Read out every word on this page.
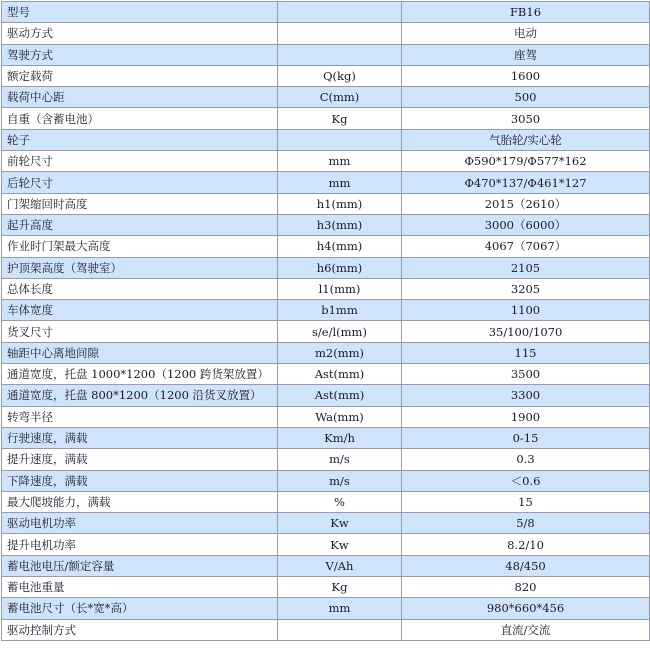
型号		FB16
驱动方式		电动
驾驶方式		座驾
额定载荷	Q(kg)	1600
载荷中心距	C(mm)	500
自重（含蓄电池）	Kg	3050
轮子		气胎轮/实心轮
前轮尺寸	mm	Φ590*179/Φ577*162
后轮尺寸	mm	Φ470*137/Φ461*127
门架缩回时高度	h1(mm)	2015（2610）
起升高度	h3(mm)	3000（6000）
作业时门架最大高度	h4(mm)	4067（7067）
护顶架高度（驾驶室）	h6(mm)	2105
总体长度	l1(mm)	3205
车体宽度	b1mm	1100
货叉尺寸	s/e/l(mm)	35/100/1070
轴距中心离地间隙	m2(mm)	115
通道宽度，托盘 1000*1200（1200 跨货架放置）	Ast(mm)	3500
通道宽度，托盘 800*1200（1200 沿货叉放置）	Ast(mm)	3300
转弯半径	Wa(mm)	1900
行驶速度，满载	Km/h	0-15
提升速度，满载	m/s	0.3
下降速度，满载	m/s	＜0.6
最大爬坡能力，满载	%	15
驱动电机功率	Kw	5/8
提升电机功率	Kw	8.2/10
蓄电池电压/额定容量	V/Ah	48/450
蓄电池重量	Kg	820
蓄电池尺寸（长*宽*高）	mm	980*660*456
驱动控制方式		直流/交流
